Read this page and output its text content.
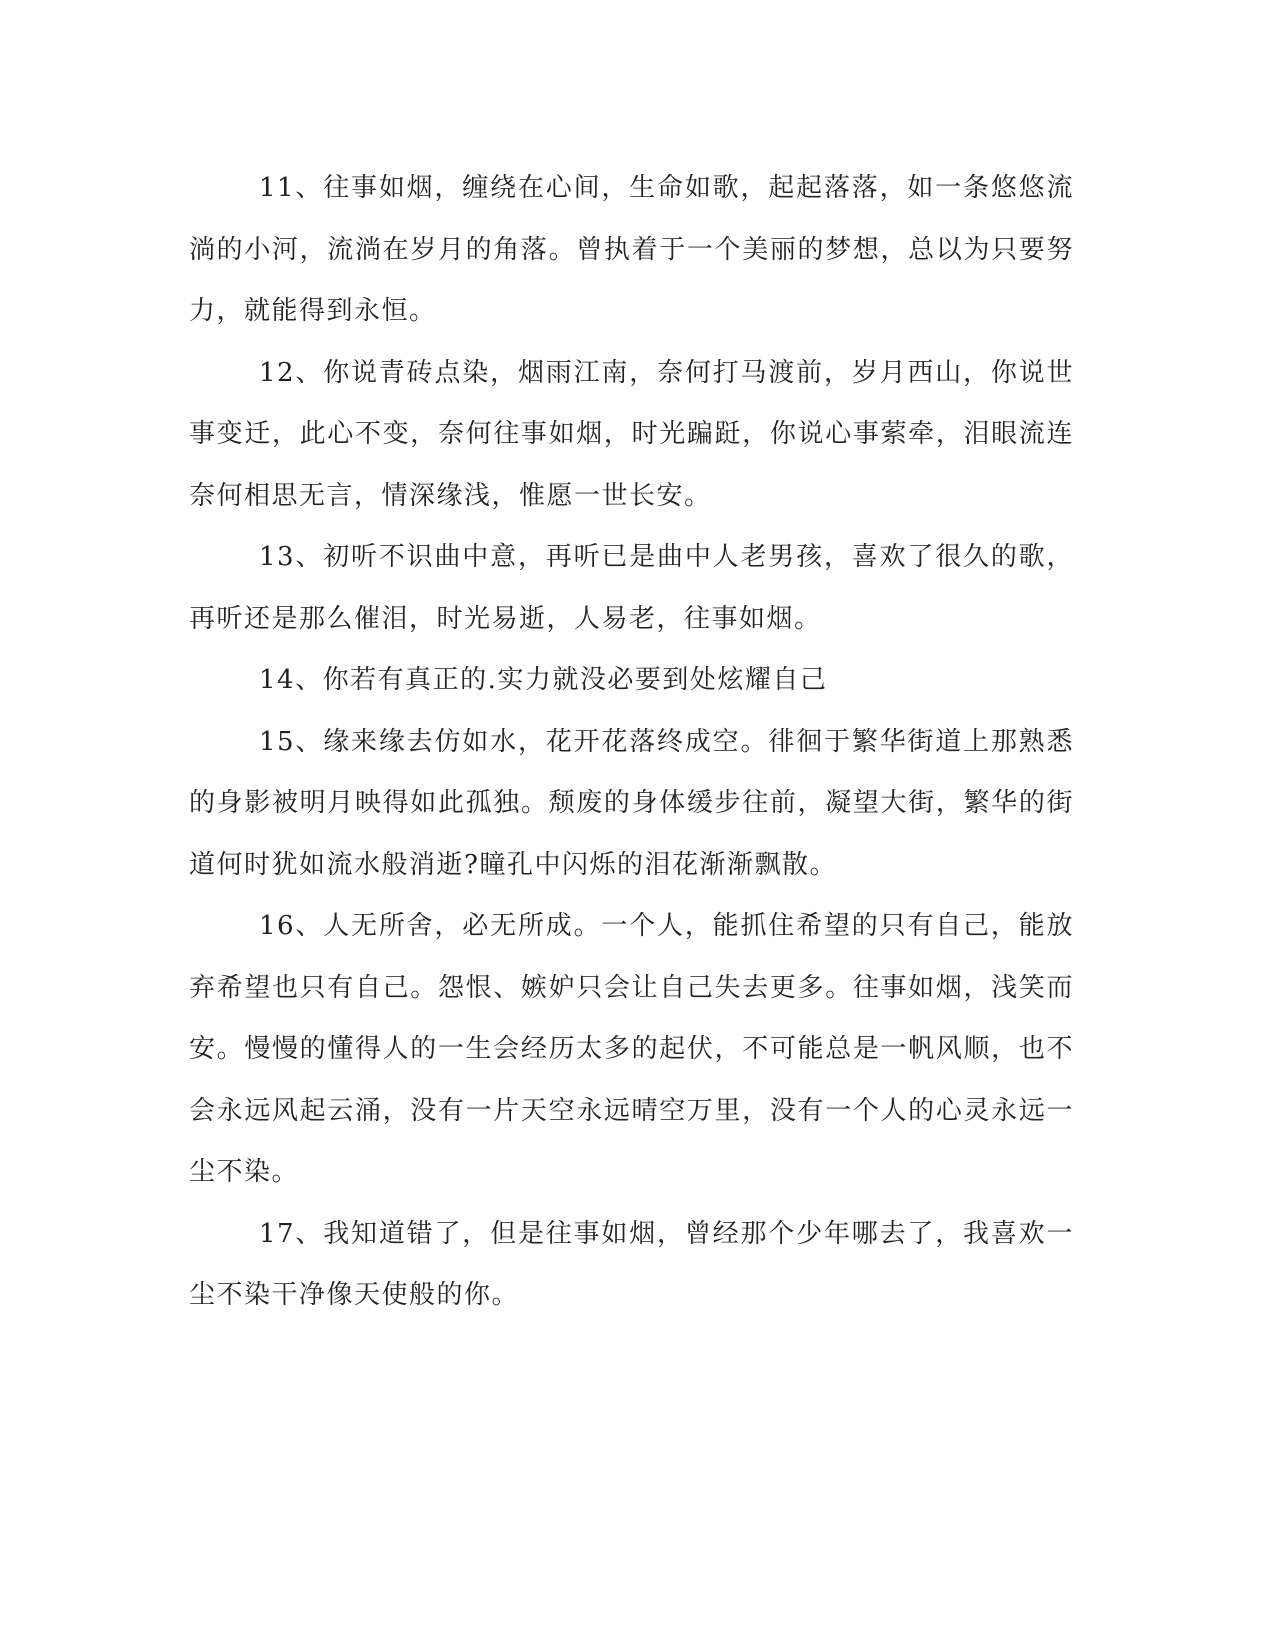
11、往事如烟，缠绕在心间，生命如歌，起起落落，如一条悠悠流淌的小河，流淌在岁月的角落。曾执着于一个美丽的梦想，总以为只要努力，就能得到永恒。

12、你说青砖点染，烟雨江南，奈何打马渡前，岁月西山，你说世事变迁，此心不变，奈何往事如烟，时光蹁跹，你说心事萦牵，泪眼流连奈何相思无言，情深缘浅，惟愿一世长安。

13、初听不识曲中意，再听已是曲中人老男孩，喜欢了很久的歌，再听还是那么催泪，时光易逝，人易老，往事如烟。

14、你若有真正的.实力就没必要到处炫耀自己

15、缘来缘去仿如水，花开花落终成空。徘徊于繁华街道上那熟悉的身影被明月映得如此孤独。颓废的身体缓步往前，凝望大街，繁华的街道何时犹如流水般消逝?瞳孔中闪烁的泪花渐渐飘散。

16、人无所舍，必无所成。一个人，能抓住希望的只有自己，能放弃希望也只有自己。怨恨、嫉妒只会让自己失去更多。往事如烟，浅笑而安。慢慢的懂得人的一生会经历太多的起伏，不可能总是一帆风顺，也不会永远风起云涌，没有一片天空永远晴空万里，没有一个人的心灵永远一尘不染。

17、我知道错了，但是往事如烟，曾经那个少年哪去了，我喜欢一尘不染干净像天使般的你。
